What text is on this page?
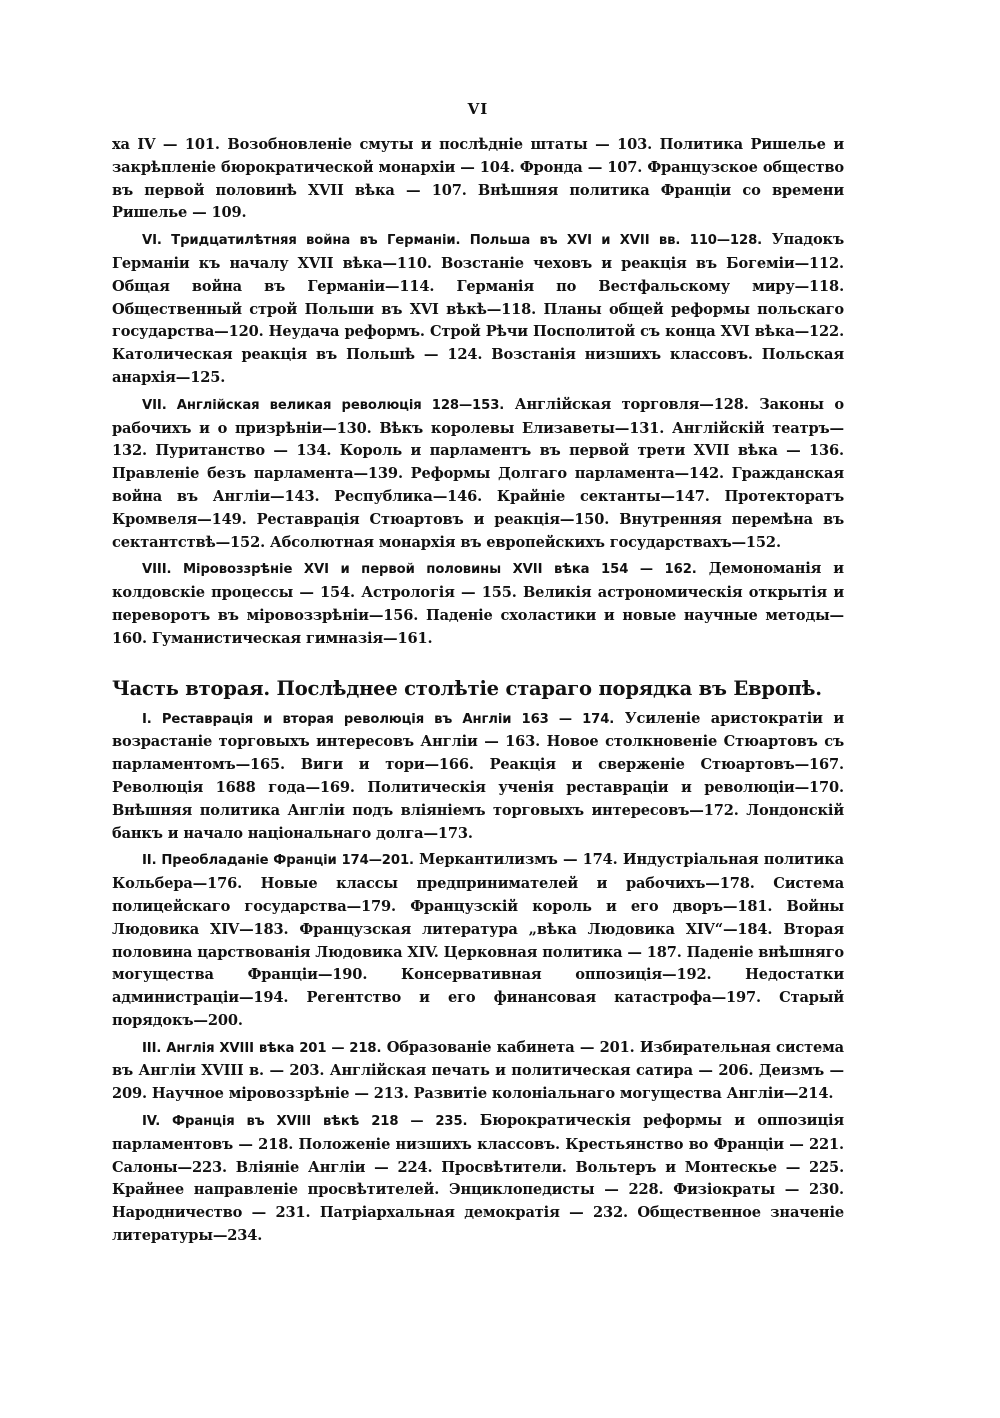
VI

ха IV — 101. Возобновленіе смуты и послѣдніе штаты — 103. Политика Ришелье и закрѣпленіе бюрократической монархіи — 104. Фронда — 107. Французское общество въ первой половинѣ XVII вѣка — 107. Внѣшняя политика Франціи со времени Ришелье — 109.

VI. Тридцатилѣтняя война въ Германіи. Польша въ XVI и XVII вв. 110—128. Упадокъ Германіи къ началу XVII вѣка—110. Возстаніе чеховъ и реакція въ Богеміи—112. Общая война въ Германіи—114. Германія по Вестфальскому миру—118. Общественный строй Польши въ XVI вѣкѣ—118. Планы общей реформы польскаго государства—120. Неудача реформъ. Строй Рѣчи Посполитой съ конца XVI вѣка—122. Католическая реакція въ Польшѣ — 124. Возстанія низшихъ классовъ. Польская анархія—125.

VII. Англійская великая революція 128—153. Англійская торговля—128. Законы о рабочихъ и о призрѣніи—130. Вѣкъ королевы Елизаветы—131. Англійскій театръ—132. Пуританство — 134. Король и парламентъ въ первой трети XVII вѣка — 136. Правленіе безъ парламента—139. Реформы Долгаго парламента—142. Гражданская война въ Англіи—143. Республика—146. Крайніе сектанты—147. Протекторатъ Кромвеля—149. Реставрація Стюартовъ и реакція—150. Внутренняя перемѣна въ сектантствѣ—152. Абсолютная монархія въ европейскихъ государствахъ—152.

VIII. Міровоззрѣніе XVI и первой половины XVII вѣка 154 — 162. Демономанія и колдовскіе процессы — 154. Астрологія — 155. Великія астрономическія открытія и переворотъ въ міровоззрѣніи—156. Паденіе схоластики и новые научные методы—160. Гуманистическая гимназія—161.

Часть вторая. Послѣднее столѣтіе стараго порядка въ Европѣ.

I. Реставрація и вторая революція въ Англіи 163 — 174. Усиленіе аристократіи и возрастаніе торговыхъ интересовъ Англіи — 163. Новое столкновеніе Стюартовъ съ парламентомъ—165. Виги и тори—166. Реакція и сверженіе Стюартовъ—167. Революція 1688 года—169. Политическія ученія реставраціи и революціи—170. Внѣшняя политика Англіи подъ вліяніемъ торговыхъ интересовъ—172. Лондонскій банкъ и начало національнаго долга—173.

II. Преобладаніе Франціи 174—201. Меркантилизмъ — 174. Индустріальная политика Кольбера—176. Новые классы предпринимателей и рабочихъ—178. Система полицейскаго государства—179. Французскій король и его дворъ—181. Войны Людовика XIV—183. Французская литература „вѣка Людовика XIV“—184. Вторая половина царствованія Людовика XIV. Церковная политика — 187. Паденіе внѣшняго могущества Франціи—190. Консервативная оппозиція—192. Недостатки администраціи—194. Регентство и его финансовая катастрофа—197. Старый порядокъ—200.

III. Англія XVIII вѣка 201 — 218. Образованіе кабинета — 201. Избирательная система въ Англіи XVIII в. — 203. Англійская печать и политическая сатира — 206. Деизмъ — 209. Научное міровоззрѣніе — 213. Развитіе колоніальнаго могущества Англіи—214.

IV. Франція въ XVIII вѣкѣ 218 — 235. Бюрократическія реформы и оппозиція парламентовъ — 218. Положеніе низшихъ классовъ. Крестьянство во Франціи — 221. Салоны—223. Вліяніе Англіи — 224. Просвѣтители. Вольтеръ и Монтескье — 225. Крайнее направленіе просвѣтителей. Энциклопедисты — 228. Физіократы — 230. Народничество — 231. Патріархальная демократія — 232. Общественное значеніе литературы—234.
